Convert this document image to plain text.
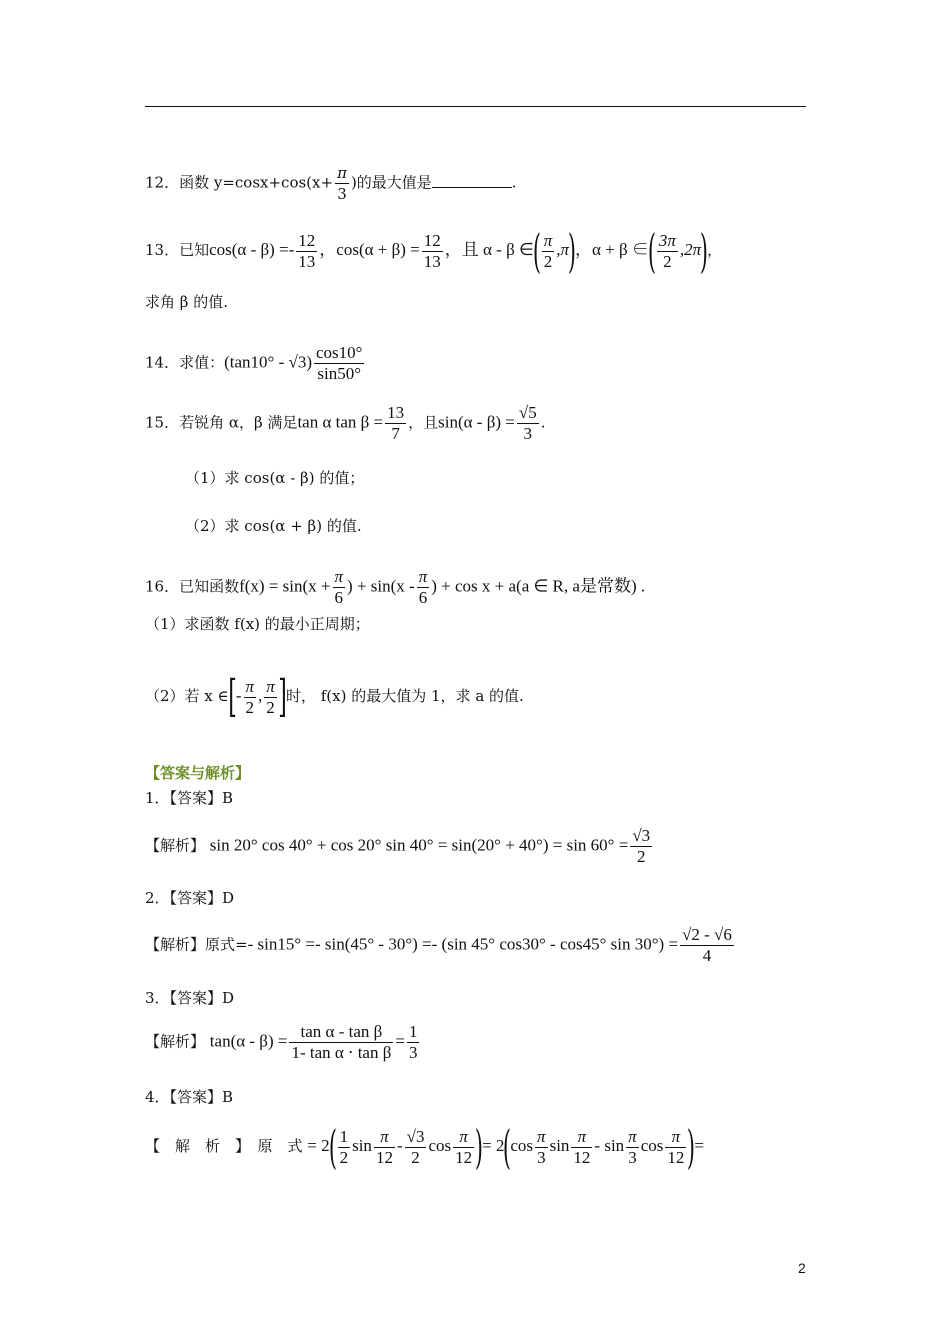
12．函数 $y=\cos x+\cos(x+ \frac{\pi}{3}$ )的最大值是	.
13．已知$\cos(\alpha - \beta) =- \frac{12}{13}$ ，$\cos(\alpha + \beta) = \frac{12}{13}$ ，且 α - β ∈( $\frac{\pi}{2} ,\pi$)，α + β ∈( $\frac{3\pi}{2} ,2\pi$)，
求角 β 的值.
14．求值：$(\tan 10^\circ - √3) \frac{\cos 10^\circ}{\sin 50^\circ}$
15．若锐角 α，β 满足tan α $\tan \beta = \frac{13}{7}$ ，且$\sin(\alpha - \beta) = \frac{√5}{3}$ .
（1）求 cos(α - β) 的值；
（2）求 cos(α + β) 的值.
16．已知函数$f(x) = \sin(x + \frac{\pi}{6}$ ) + $\sin(x - \frac{\pi}{6}$ ) + cos x + a(a ∈ R, a是常数) .
（1）求函数 f(x) 的最小正周期；
（2）若 x ∈[- $\frac{\pi}{2}$ , $\frac{\pi}{2}$ ]时， f(x) 的最大值为 1，求 a 的值.
【答案与解析】
1．【答案】B
【解析】 sin 20° cos 40° + cos 20° $\sin 40^\circ = \sin(20^\circ + 40^\circ) = \sin 60^\circ = \frac{√3}{2}$
2．【答案】D
【解析】原式=- sin15° =- sin(45° - 30°) =- (sin 45° cos30° - cos45° $\sin 30^\circ) = \frac{√2 - √6}{4}$
3．【答案】D
【解析】 $\tan(\alpha - \beta) = \frac{\text{tan α - tan β}}{\text{1- tan α ⋅ tan β}} = \frac{1}{3}$
4．【答案】B
【　解　析　】　原　式 = $2( \frac{1}{2}$ $\sin \frac{\pi}{12} - \frac{√3}{2}$ $\cos \frac{\pi}{12}$ )= $2(\cos \frac{\pi}{3}$ $\sin \frac{\pi}{12}$ - $\sin \frac{\pi}{3}$ $\cos \frac{\pi}{12}$ )=
2
